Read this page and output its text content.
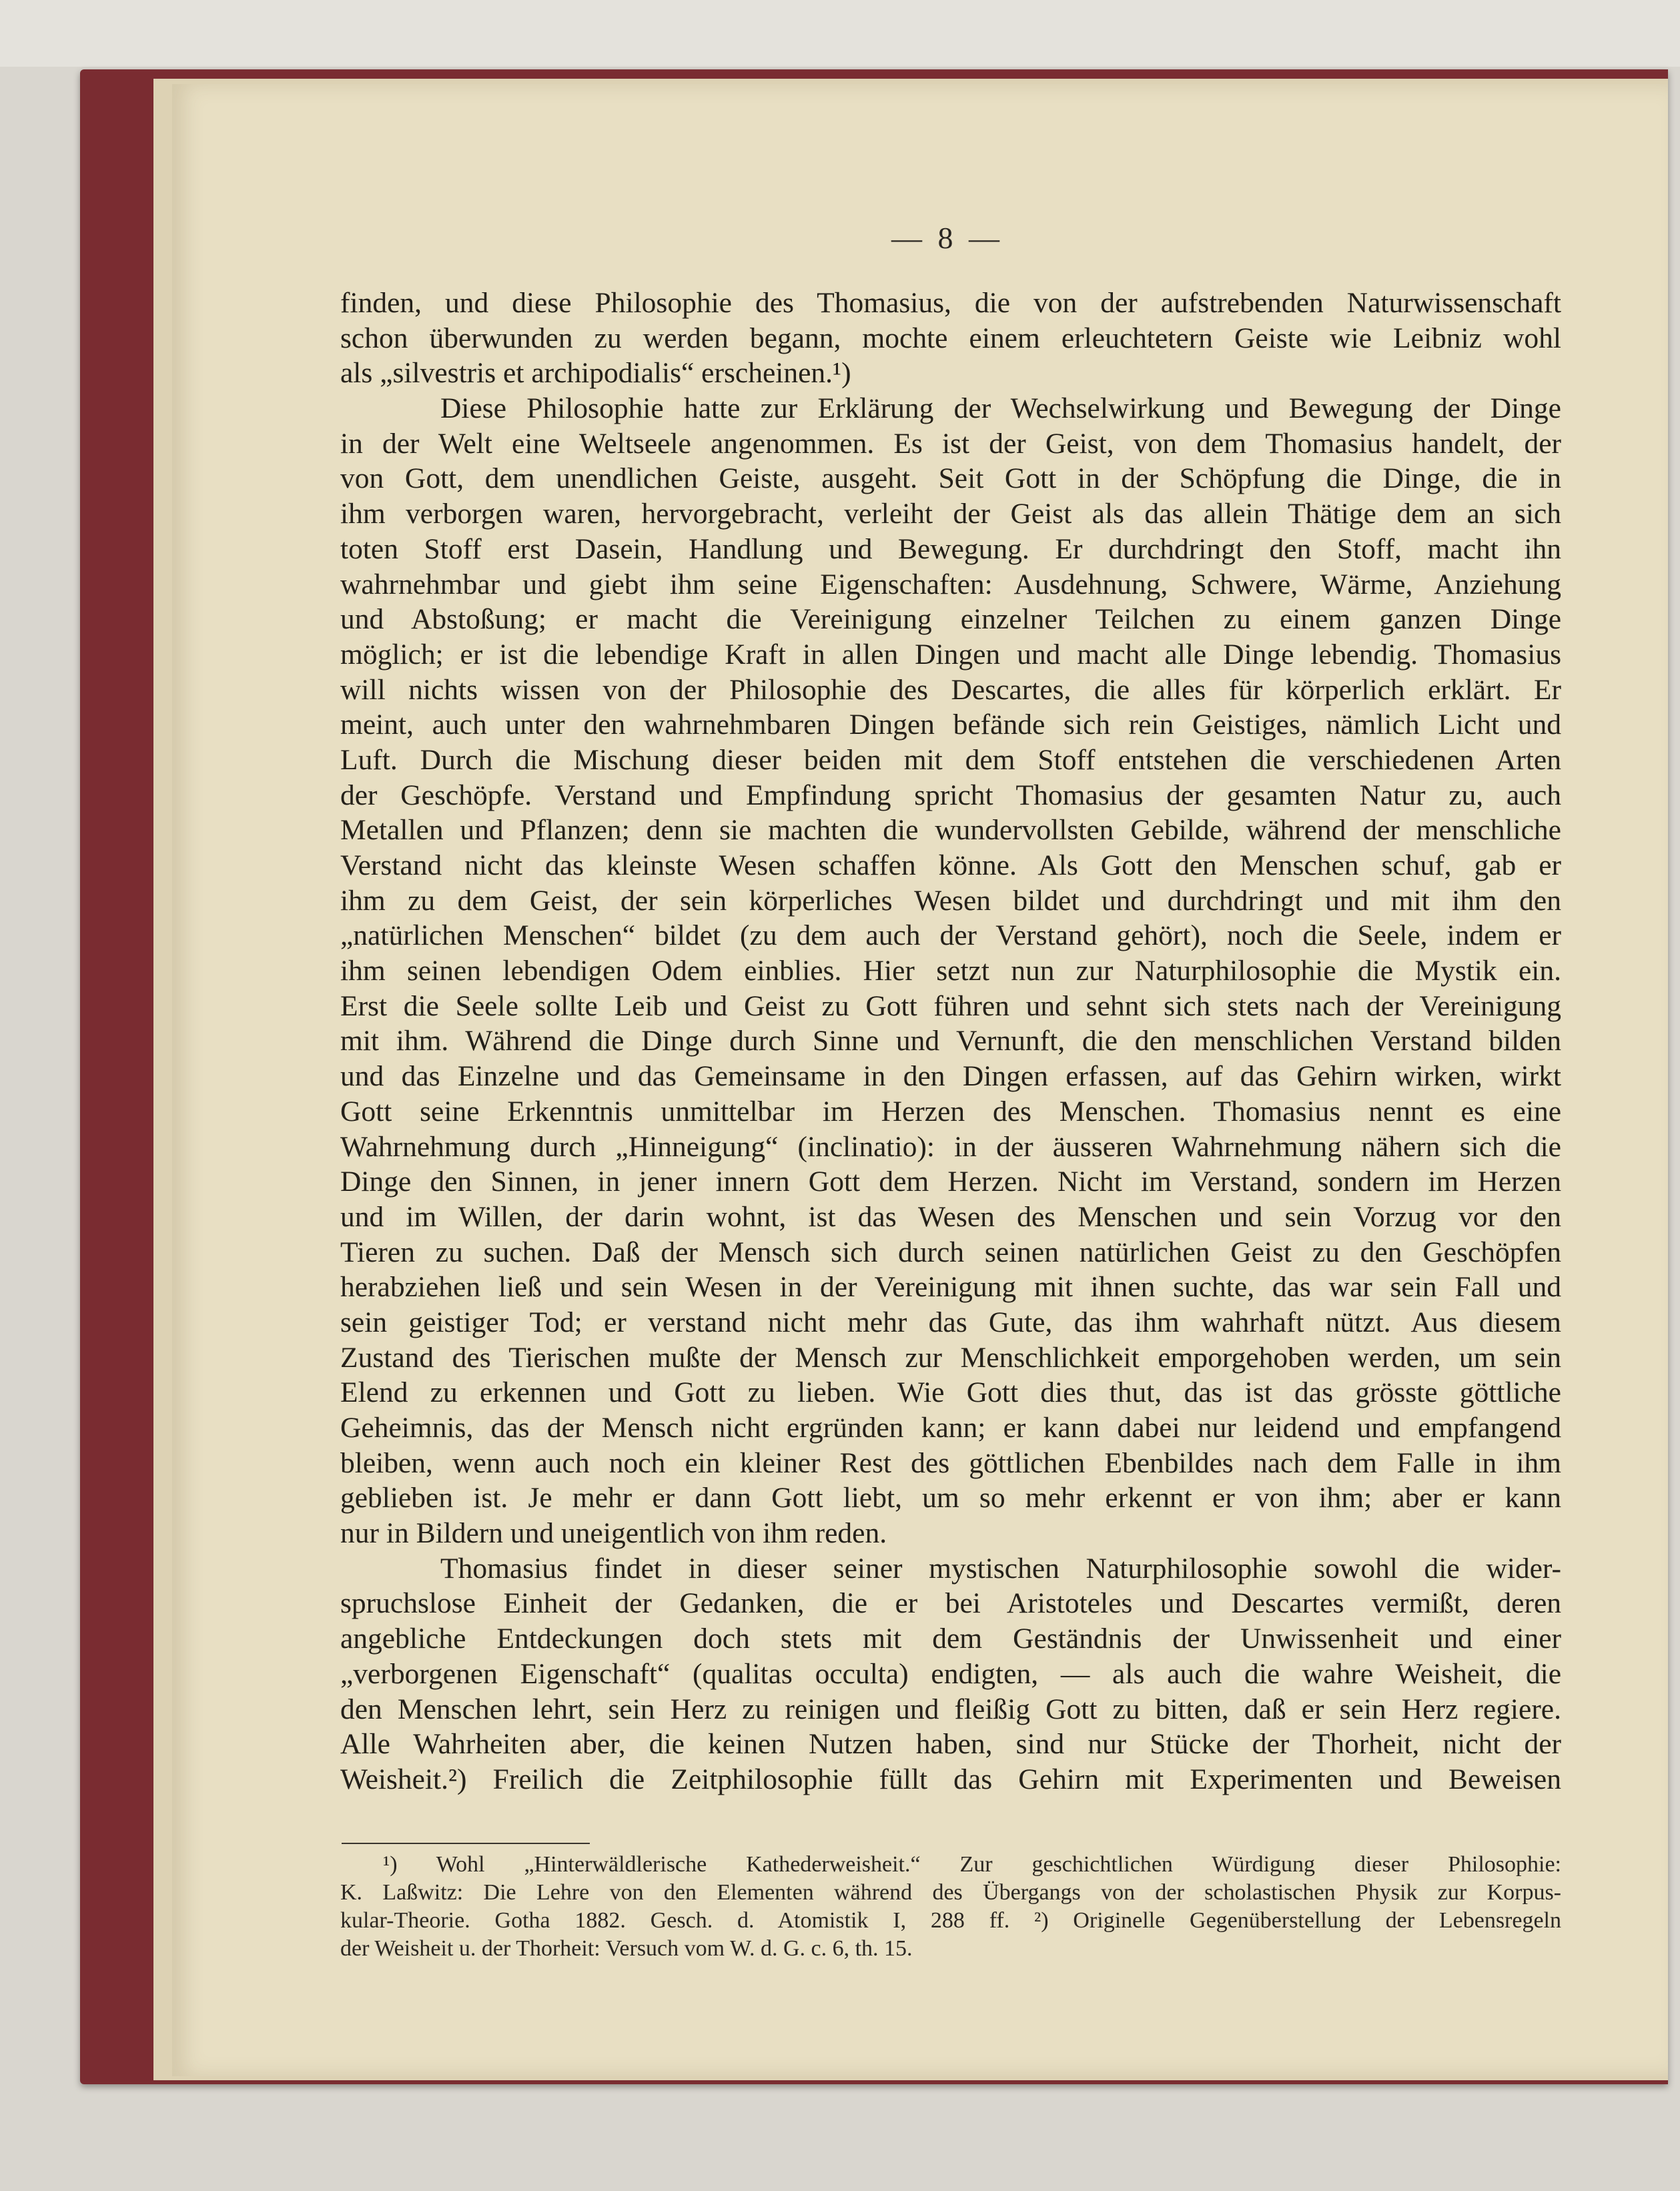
— 8 —
finden, und diese Philosophie des Thomasius, die von der aufstrebenden Naturwissenschaft
schon überwunden zu werden begann, mochte einem erleuchtetern Geiste wie Leibniz wohl
als „silvestris et archipodialis“ erscheinen.¹)
Diese Philosophie hatte zur Erklärung der Wechselwirkung und Bewegung der Dinge
in der Welt eine Weltseele angenommen. Es ist der Geist, von dem Thomasius handelt, der
von Gott, dem unendlichen Geiste, ausgeht. Seit Gott in der Schöpfung die Dinge, die in
ihm verborgen waren, hervorgebracht, verleiht der Geist als das allein Thätige dem an sich
toten Stoff erst Dasein, Handlung und Bewegung. Er durchdringt den Stoff, macht ihn
wahrnehmbar und giebt ihm seine Eigenschaften: Ausdehnung, Schwere, Wärme, Anziehung
und Abstoßung; er macht die Vereinigung einzelner Teilchen zu einem ganzen Dinge
möglich; er ist die lebendige Kraft in allen Dingen und macht alle Dinge lebendig. Thomasius
will nichts wissen von der Philosophie des Descartes, die alles für körperlich erklärt. Er
meint, auch unter den wahrnehmbaren Dingen befände sich rein Geistiges, nämlich Licht und
Luft. Durch die Mischung dieser beiden mit dem Stoff entstehen die verschiedenen Arten
der Geschöpfe. Verstand und Empfindung spricht Thomasius der gesamten Natur zu, auch
Metallen und Pflanzen; denn sie machten die wundervollsten Gebilde, während der menschliche
Verstand nicht das kleinste Wesen schaffen könne. Als Gott den Menschen schuf, gab er
ihm zu dem Geist, der sein körperliches Wesen bildet und durchdringt und mit ihm den
„natürlichen Menschen“ bildet (zu dem auch der Verstand gehört), noch die Seele, indem er
ihm seinen lebendigen Odem einblies. Hier setzt nun zur Naturphilosophie die Mystik ein.
Erst die Seele sollte Leib und Geist zu Gott führen und sehnt sich stets nach der Vereinigung
mit ihm. Während die Dinge durch Sinne und Vernunft, die den menschlichen Verstand bilden
und das Einzelne und das Gemeinsame in den Dingen erfassen, auf das Gehirn wirken, wirkt
Gott seine Erkenntnis unmittelbar im Herzen des Menschen. Thomasius nennt es eine
Wahrnehmung durch „Hinneigung“ (inclinatio): in der äusseren Wahrnehmung nähern sich die
Dinge den Sinnen, in jener innern Gott dem Herzen. Nicht im Verstand, sondern im Herzen
und im Willen, der darin wohnt, ist das Wesen des Menschen und sein Vorzug vor den
Tieren zu suchen. Daß der Mensch sich durch seinen natürlichen Geist zu den Geschöpfen
herabziehen ließ und sein Wesen in der Vereinigung mit ihnen suchte, das war sein Fall und
sein geistiger Tod; er verstand nicht mehr das Gute, das ihm wahrhaft nützt. Aus diesem
Zustand des Tierischen mußte der Mensch zur Menschlichkeit emporgehoben werden, um sein
Elend zu erkennen und Gott zu lieben. Wie Gott dies thut, das ist das grösste göttliche
Geheimnis, das der Mensch nicht ergründen kann; er kann dabei nur leidend und empfangend
bleiben, wenn auch noch ein kleiner Rest des göttlichen Ebenbildes nach dem Falle in ihm
geblieben ist. Je mehr er dann Gott liebt, um so mehr erkennt er von ihm; aber er kann
nur in Bildern und uneigentlich von ihm reden.
Thomasius findet in dieser seiner mystischen Naturphilosophie sowohl die wider-
spruchslose Einheit der Gedanken, die er bei Aristoteles und Descartes vermißt, deren
angebliche Entdeckungen doch stets mit dem Geständnis der Unwissenheit und einer
„verborgenen Eigenschaft“ (qualitas occulta) endigten, — als auch die wahre Weisheit, die
den Menschen lehrt, sein Herz zu reinigen und fleißig Gott zu bitten, daß er sein Herz regiere.
Alle Wahrheiten aber, die keinen Nutzen haben, sind nur Stücke der Thorheit, nicht der
Weisheit.²) Freilich die Zeitphilosophie füllt das Gehirn mit Experimenten und Beweisen
¹) Wohl „Hinterwäldlerische Kathederweisheit.“ Zur geschichtlichen Würdigung dieser Philosophie:
K. Laßwitz: Die Lehre von den Elementen während des Übergangs von der scholastischen Physik zur Korpus-
kular-Theorie. Gotha 1882. Gesch. d. Atomistik I, 288 ff. ²) Originelle Gegenüberstellung der Lebensregeln
der Weisheit u. der Thorheit: Versuch vom W. d. G. c. 6, th. 15.
